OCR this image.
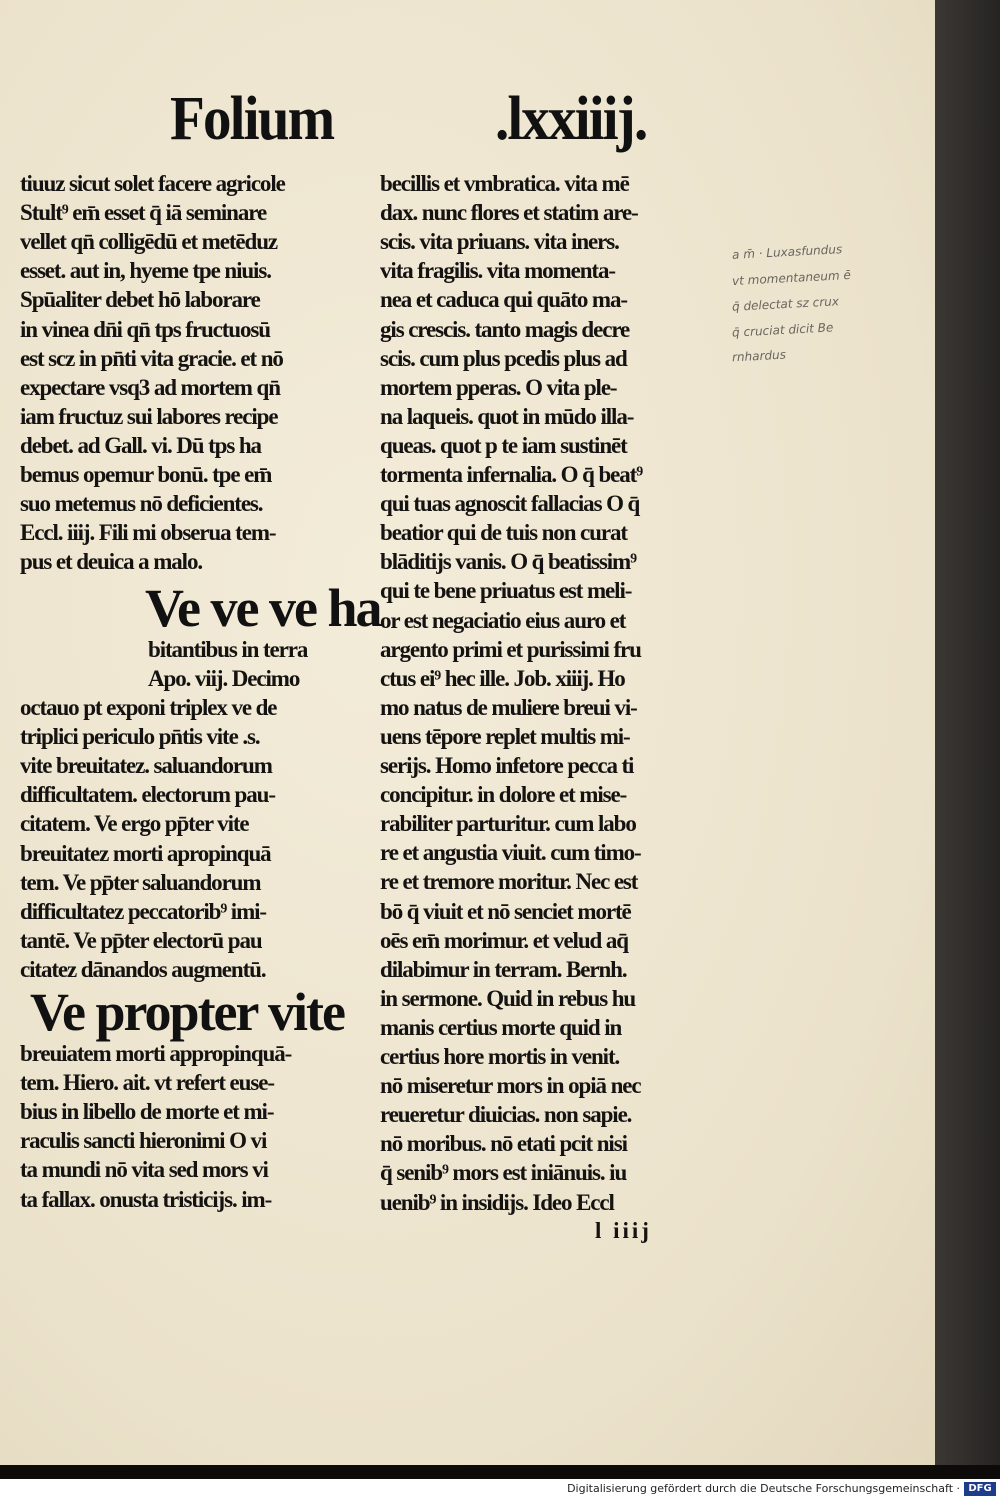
Folium	.lxxiiij.
tiuuz sicut solet facere agricole
Stult⁹ em̄ esset q̄ iā seminare
vellet qn̄ colligēdū et metēduz
esset. aut in, hyeme tpe niuis.
Spūaliter debet hō laborare
in vinea dn̄i qn̄ tps fructuosū
est scz in pn̄ti vita gracie. et nō
expectare vsq3 ad mortem qn̄
iam fructuz sui labores recipe
debet. ad Gall. vi. Dū tps ha
bemus opemur bonū. tpe em̄
suo metemus nō deficientes.
Eccl. iiij. Fili mi obserua tem-
pus et deuica a malo.
bitantibus in terra
Apo. viij. Decimo
octauo pt exponi triplex ve de
triplici periculo pn̄tis vite .s.
vite breuitatez. saluandorum
difficultatem. electorum pau-
citatem. Ve ergo pp̄ter vite
breuitatez morti apropinquā
tem. Ve pp̄ter saluandorum
difficultatez peccatorib⁹ imi-
tantē. Ve pp̄ter electorū pau
citatez dānandos augmentū.
breuiatem morti appropinquā-
tem. Hiero. ait. vt refert euse-
bius in libello de morte et mi-
raculis sancti hieronimi O vi
ta mundi nō vita sed mors vi
ta fallax. onusta tristicijs. im-
becillis et vmbratica. vita mē
dax. nunc flores et statim are-
scis. vita priuans. vita iners.
vita fragilis. vita momenta-
nea et caduca qui quāto ma-
gis crescis. tanto magis decre
scis. cum plus pcedis plus ad
mortem pperas. O vita ple-
na laqueis. quot in mūdo illa-
queas. quot p te iam sustinēt
tormenta infernalia. O q̄ beat⁹
qui tuas agnoscit fallacias O q̄
beatior qui de tuis non curat
blāditijs vanis. O q̄ beatissim⁹
qui te bene priuatus est meli-
or est negaciatio eius auro et
argento primi et purissimi fru
ctus ei⁹ hec ille. Job. xiiij. Ho
mo natus de muliere breui vi-
uens tēpore replet multis mi-
serijs. Homo infetore pecca ti
concipitur. in dolore et mise-
rabiliter parturitur. cum labo
re et angustia viuit. cum timo-
re et tremore moritur. Nec est
bō q̄ viuit et nō senciet mortē
oēs em̄ morimur. et velud aq̄
dilabimur in terram. Bernh.
in sermone. Quid in rebus hu
manis certius morte quid in
certius hore mortis in venit.
nō miseretur mors in opiā nec
reueretur diuicias. non sapie.
nō moribus. nō etati pcit nisi
q̄ senib⁹ mors est iniānuis. iu
uenib⁹ in insidijs. Ideo Eccl
Ve ve ve ha
Ve propter vite
a m̄ · Luxasfundus
vt momentaneum ē
q̄ delectat sz crux
q̄ cruciat dicit Be
rnhardus
l iiij
Digitalisierung gefördert durch die Deutsche Forschungsgemeinschaft · DFG
